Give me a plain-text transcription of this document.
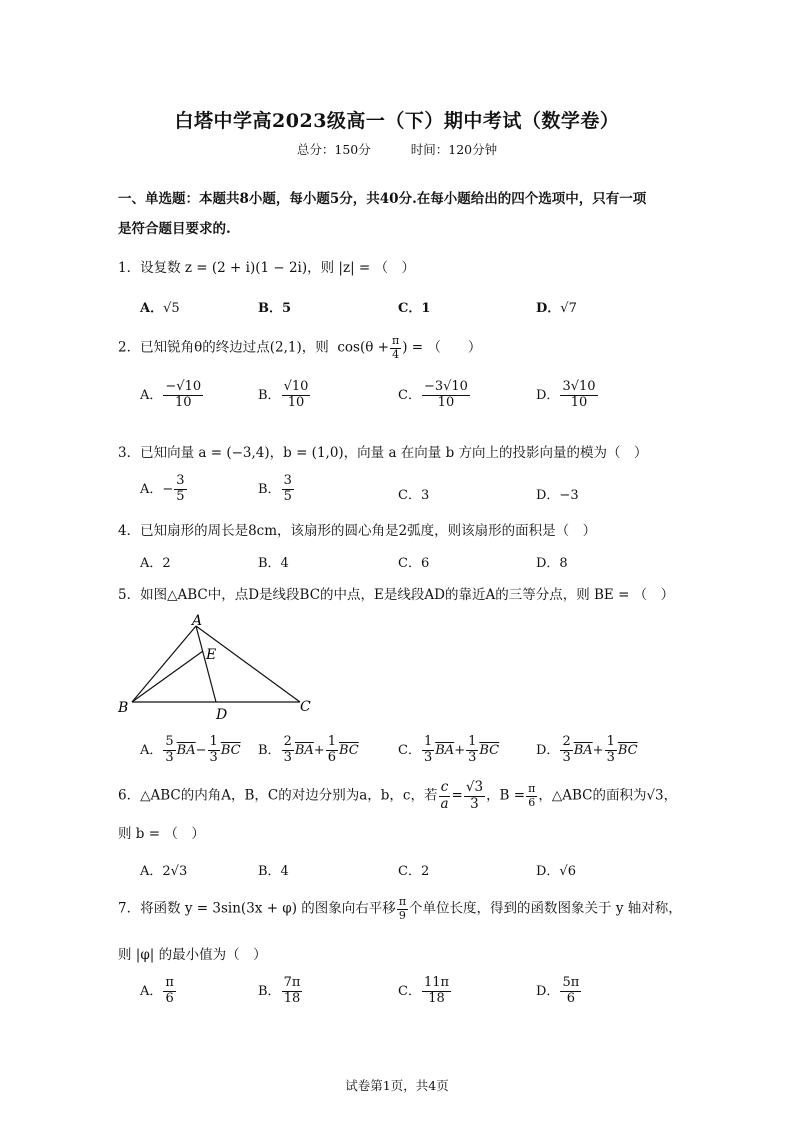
白塔中学高2023级高一（下）期中考试（数学卷）
总分：150分	时间：120分钟
一、单选题：本题共8小题，每小题5分，共40分.在每小题给出的四个选项中，只有一项
是符合题目要求的.
1．设复数 z = (2 + i)(1 − 2i)，则 |z| = （　）
A．√5	B．5	C．1	D．√7
2．已知锐角θ的终边过点(2,1)，则 $\cos(\theta + \frac{\pi}{4}$ ) = （　　）
A． $\frac{-√10}{10}$	B． $\frac{√10}{10}$	C． $\frac{-3√10}{10}$	D． $\frac{3√10}{10}$
3．已知向量 a = (−3,4)，b = (1,0)，向量 a 在向量 b 方向上的投影向量的模为（　）
A．− $\frac{3}{5}$	B． $\frac{3}{5}$	C．3	D．−3
4．已知扇形的周长是8cm，该扇形的圆心角是2弧度，则该扇形的面积是（　）
A．2	B．4	C．6	D．8
5．如图△ABC中，点D是线段BC的中点，E是线段AD的靠近A的三等分点，则 BE = （　）
A
B	C
D
E
A． $\frac{5}{3} \overline{BA}- \frac{1}{3} \overline{BC}$ B． $\frac{2}{3} \overline{BA}+ \frac{1}{6} \overline{BC}$	C． $\frac{1}{3} \overline{BA}+ \frac{1}{3} \overline{BC}$	D． $\frac{2}{3} \overline{BA}+ \frac{1}{3} \overline{BC}$
6．△ABC的内角A，B，C的对边分别为a，b，c，若 $\frac{c}{a} = \frac{√3}{3}$ ，$B = \frac{\pi}{6}$ ，△ABC的面积为√3，
则 b = （　）
A．2√3	B．4	C．2	D．√6
7．将函数 y = 3sin(3x + φ) 的图象向右平移 $\frac{\pi}{9}$ 个单位长度，得到的函数图象关于 y 轴对称，
则 |φ| 的最小值为（　）
A． $\frac{\pi}{6}$	B． $\frac{7\pi}{18}$	C． $\frac{11\pi}{18}$	D． $\frac{5\pi}{6}$
试卷第1页，共4页
